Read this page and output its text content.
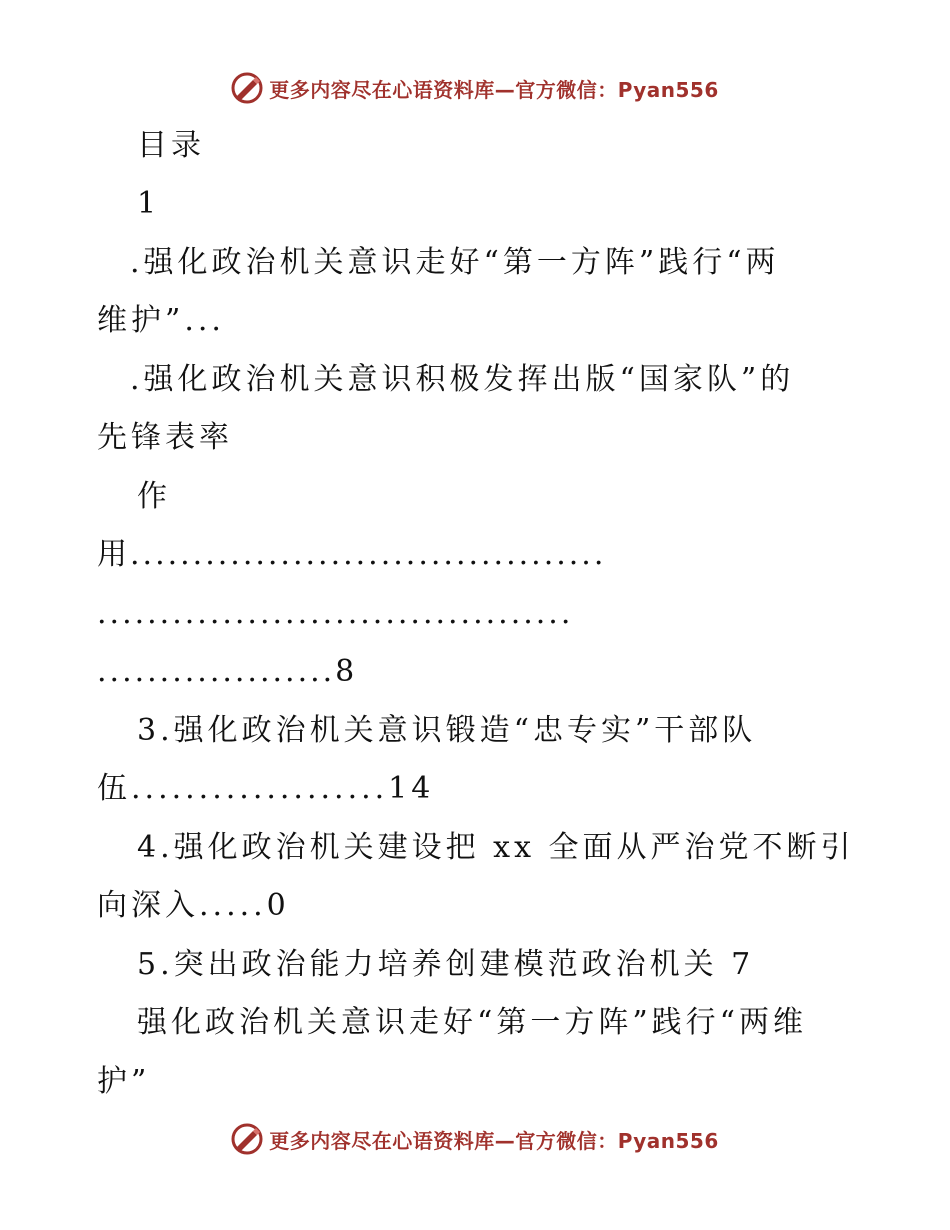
更多内容尽在心语资料库—官方微信：Pyan556
目录
1
.强化政治机关意识走好“第一方阵”践行“两
维护”...
.强化政治机关意识积极发挥出版“国家队”的
先锋表率
作
用......................................
......................................
...................8
3.强化政治机关意识锻造“忠专实”干部队
伍...................14
4.强化政治机关建设把 xx 全面从严治党不断引
向深入.....0
5.突出政治能力培养创建模范政治机关 7
强化政治机关意识走好“第一方阵”践行“两维
护”
更多内容尽在心语资料库—官方微信：Pyan556
